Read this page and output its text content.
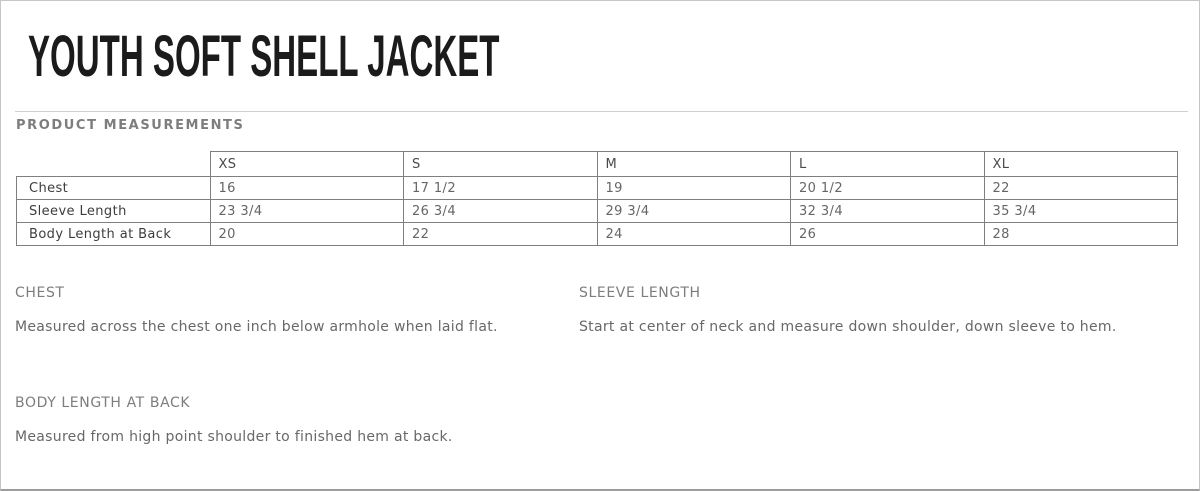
YOUTH SOFT SHELL JACKET
PRODUCT MEASUREMENTS
	XS	S	M	L	XL
Chest	16	17 1/2	19	20 1/2	22
Sleeve Length	23 3/4	26 3/4	29 3/4	32 3/4	35 3/4
Body Length at Back	20	22	24	26	28
CHEST
Measured across the chest one inch below armhole when laid flat.
SLEEVE LENGTH
Start at center of neck and measure down shoulder, down sleeve to hem.
BODY LENGTH AT BACK
Measured from high point shoulder to finished hem at back.
